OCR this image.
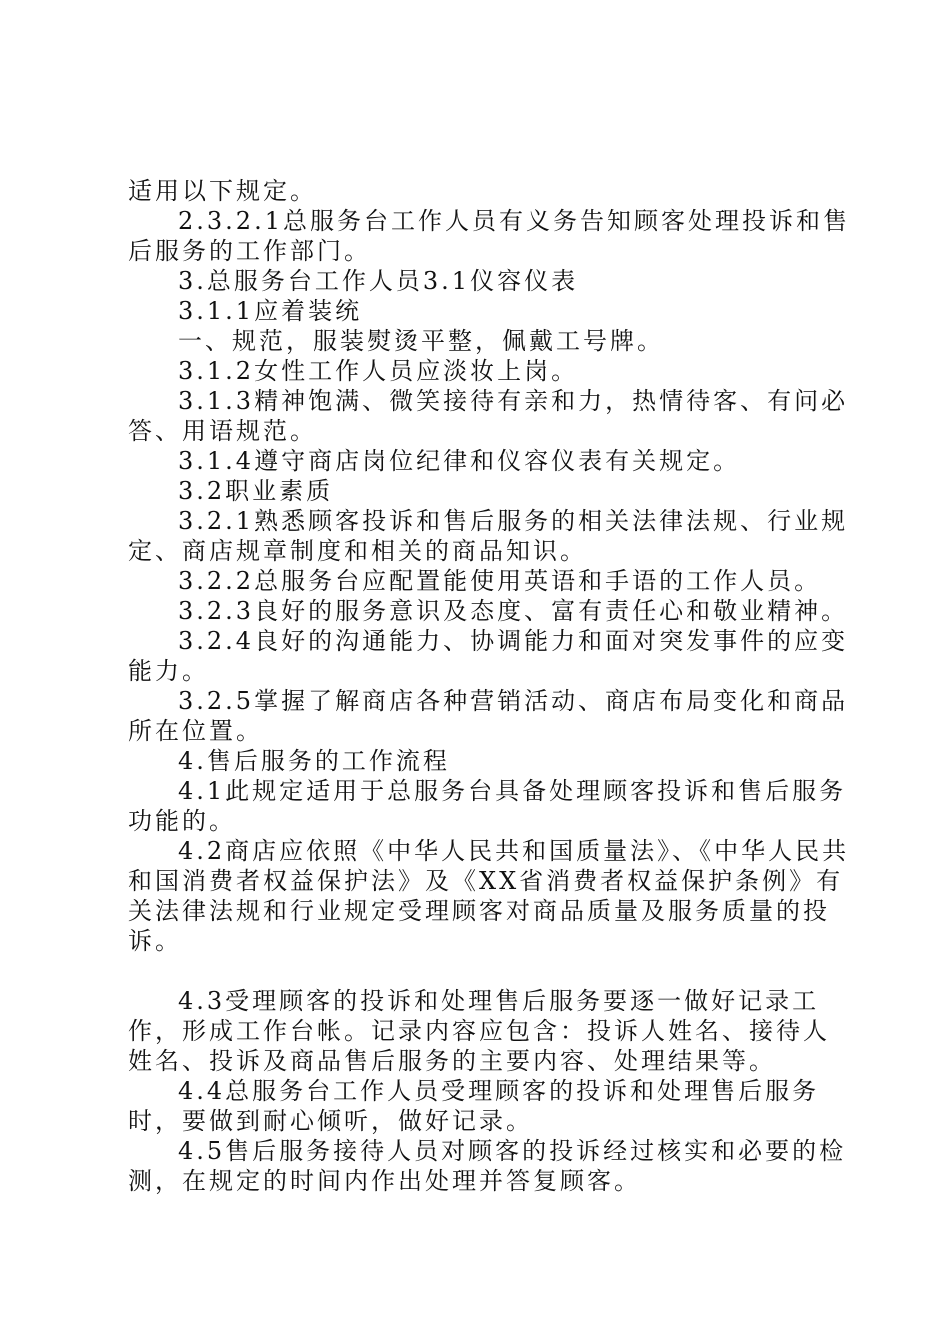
适用以下规定。

2.3.2.1总服务台工作人员有义务告知顾客处理投诉和售后服务的工作部门。

3.总服务台工作人员3.1仪容仪表

3.1.1应着装统

一、规范，服装熨烫平整，佩戴工号牌。

3.1.2女性工作人员应淡妆上岗。

3.1.3精神饱满、微笑接待有亲和力，热情待客、有问必答、用语规范。

3.1.4遵守商店岗位纪律和仪容仪表有关规定。

3.2职业素质

3.2.1熟悉顾客投诉和售后服务的相关法律法规、行业规定、商店规章制度和相关的商品知识。

3.2.2总服务台应配置能使用英语和手语的工作人员。

3.2.3良好的服务意识及态度、富有责任心和敬业精神。

3.2.4良好的沟通能力、协调能力和面对突发事件的应变能力。

3.2.5掌握了解商店各种营销活动、商店布局变化和商品所在位置。

4.售后服务的工作流程

4.1此规定适用于总服务台具备处理顾客投诉和售后服务功能的。

4.2商店应依照《中华人民共和国质量法》、《中华人民共和国消费者权益保护法》及《XX省消费者权益保护条例》有关法律法规和行业规定受理顾客对商品质量及服务质量的投诉。

4.3受理顾客的投诉和处理售后服务要逐一做好记录工作，形成工作台帐。记录内容应包含：投诉人姓名、接待人姓名、投诉及商品售后服务的主要内容、处理结果等。

4.4总服务台工作人员受理顾客的投诉和处理售后服务时，要做到耐心倾听，做好记录。

4.5售后服务接待人员对顾客的投诉经过核实和必要的检测，在规定的时间内作出处理并答复顾客。
